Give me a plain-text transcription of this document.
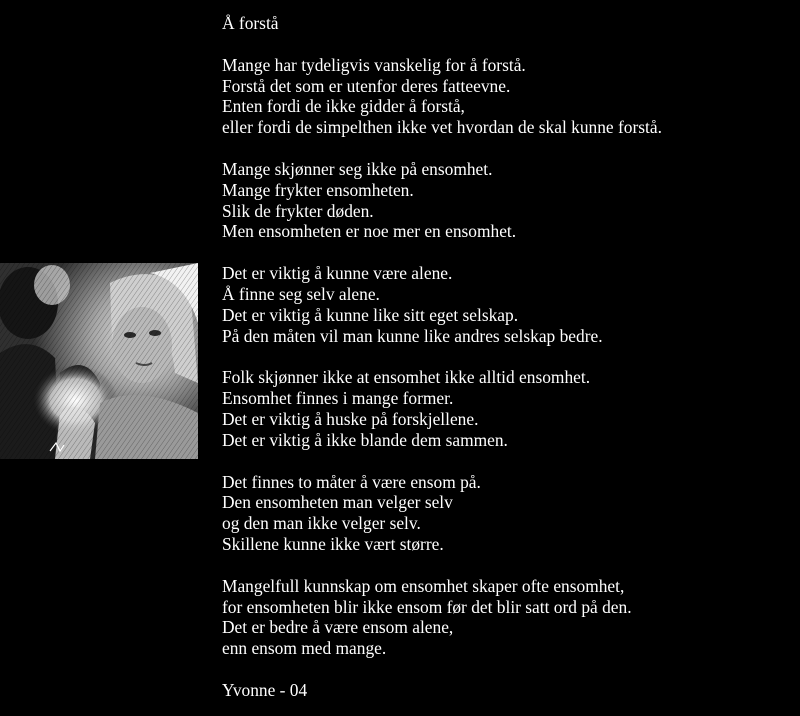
Å forstå
Mange har tydeligvis vanskelig for å forstå.
Forstå det som er utenfor deres fatteevne.
Enten fordi de ikke gidder å forstå,
eller fordi de simpelthen ikke vet hvordan de skal kunne forstå.
Mange skjønner seg ikke på ensomhet.
Mange frykter ensomheten.
Slik de frykter døden.
Men ensomheten er noe mer en ensomhet.
Det er viktig å kunne være alene.
Å finne seg selv alene.
Det er viktig å kunne like sitt eget selskap.
På den måten vil man kunne like andres selskap bedre.
Folk skjønner ikke at ensomhet ikke alltid ensomhet.
Ensomhet finnes i mange former.
Det er viktig å huske på forskjellene.
Det er viktig å ikke blande dem sammen.
Det finnes to måter å være ensom på.
Den ensomheten man velger selv
og den man ikke velger selv.
Skillene kunne ikke vært større.
Mangelfull kunnskap om ensomhet skaper ofte ensomhet,
for ensomheten blir ikke ensom før det blir satt ord på den.
Det er bedre å være ensom alene,
enn ensom med mange.
Yvonne - 04
